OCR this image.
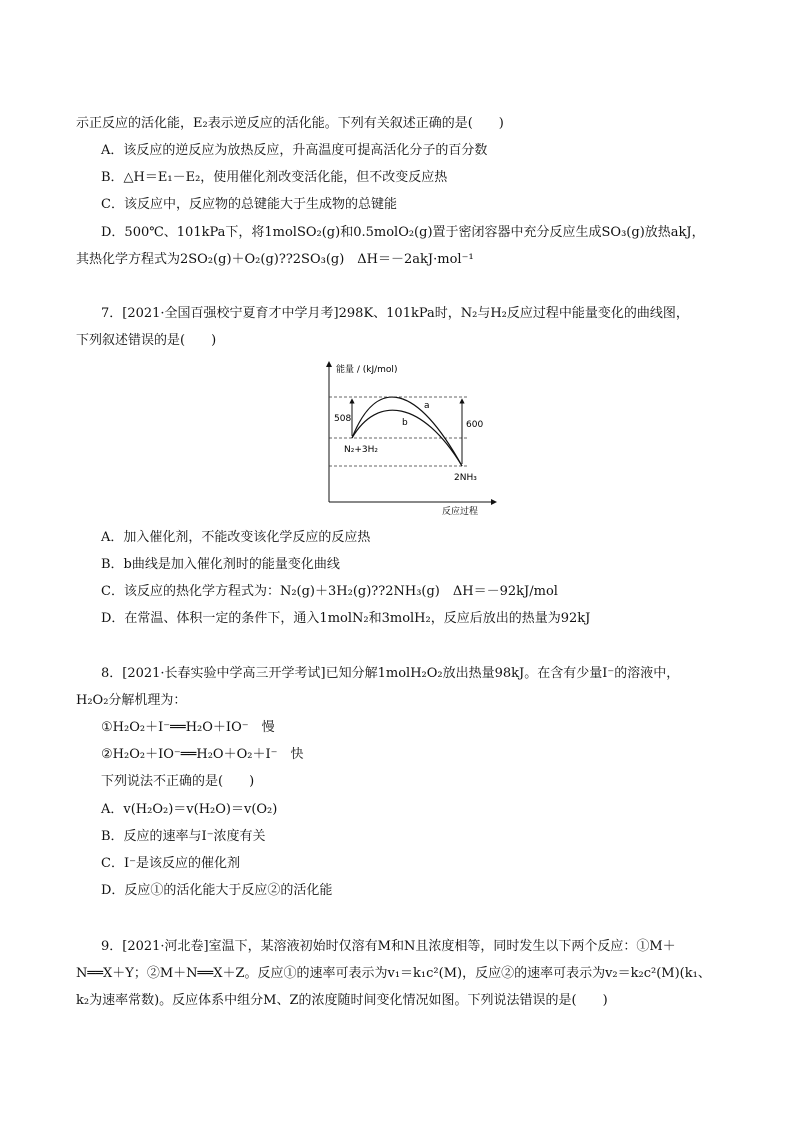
示正反应的活化能，E₂表示逆反应的活化能。下列有关叙述正确的是(　　)
A．该反应的逆反应为放热反应，升高温度可提高活化分子的百分数
B．△H＝E₁－E₂，使用催化剂改变活化能，但不改变反应热
C．该反应中，反应物的总键能大于生成物的总键能
D．500℃、101kPa下，将1molSO₂(g)和0.5molO₂(g)置于密闭容器中充分反应生成SO₃(g)放热akJ，
其热化学方程式为2SO₂(g)＋O₂(g)??2SO₃(g)　ΔH＝－2akJ·mol⁻¹
7．[2021·全国百强校宁夏育才中学月考]298K、101kPa时，N₂与H₂反应过程中能量变化的曲线图，
下列叙述错误的是(　　)
能量 / (kJ/mol)
508
600
a
b
N₂+3H₂
2NH₃
反应过程
A．加入催化剂，不能改变该化学反应的反应热
B．b曲线是加入催化剂时的能量变化曲线
C．该反应的热化学方程式为：N₂(g)＋3H₂(g)??2NH₃(g)　ΔH＝－92kJ/mol
D．在常温、体积一定的条件下，通入1molN₂和3molH₂，反应后放出的热量为92kJ
8．[2021·长春实验中学高三开学考试]已知分解1molH₂O₂放出热量98kJ。在含有少量I⁻的溶液中，
H₂O₂分解机理为：
①H₂O₂＋I⁻══H₂O＋IO⁻　慢
②H₂O₂＋IO⁻══H₂O＋O₂＋I⁻　快
下列说法不正确的是(　　)
A．v(H₂O₂)＝v(H₂O)＝v(O₂)
B．反应的速率与I⁻浓度有关
C．I⁻是该反应的催化剂
D．反应①的活化能大于反应②的活化能
9．[2021·河北卷]室温下，某溶液初始时仅溶有M和N且浓度相等，同时发生以下两个反应：①M＋
N══X＋Y；②M＋N══X＋Z。反应①的速率可表示为v₁＝k₁c²(M)，反应②的速率可表示为v₂＝k₂c²(M)(k₁、
k₂为速率常数)。反应体系中组分M、Z的浓度随时间变化情况如图。下列说法错误的是(　　)
